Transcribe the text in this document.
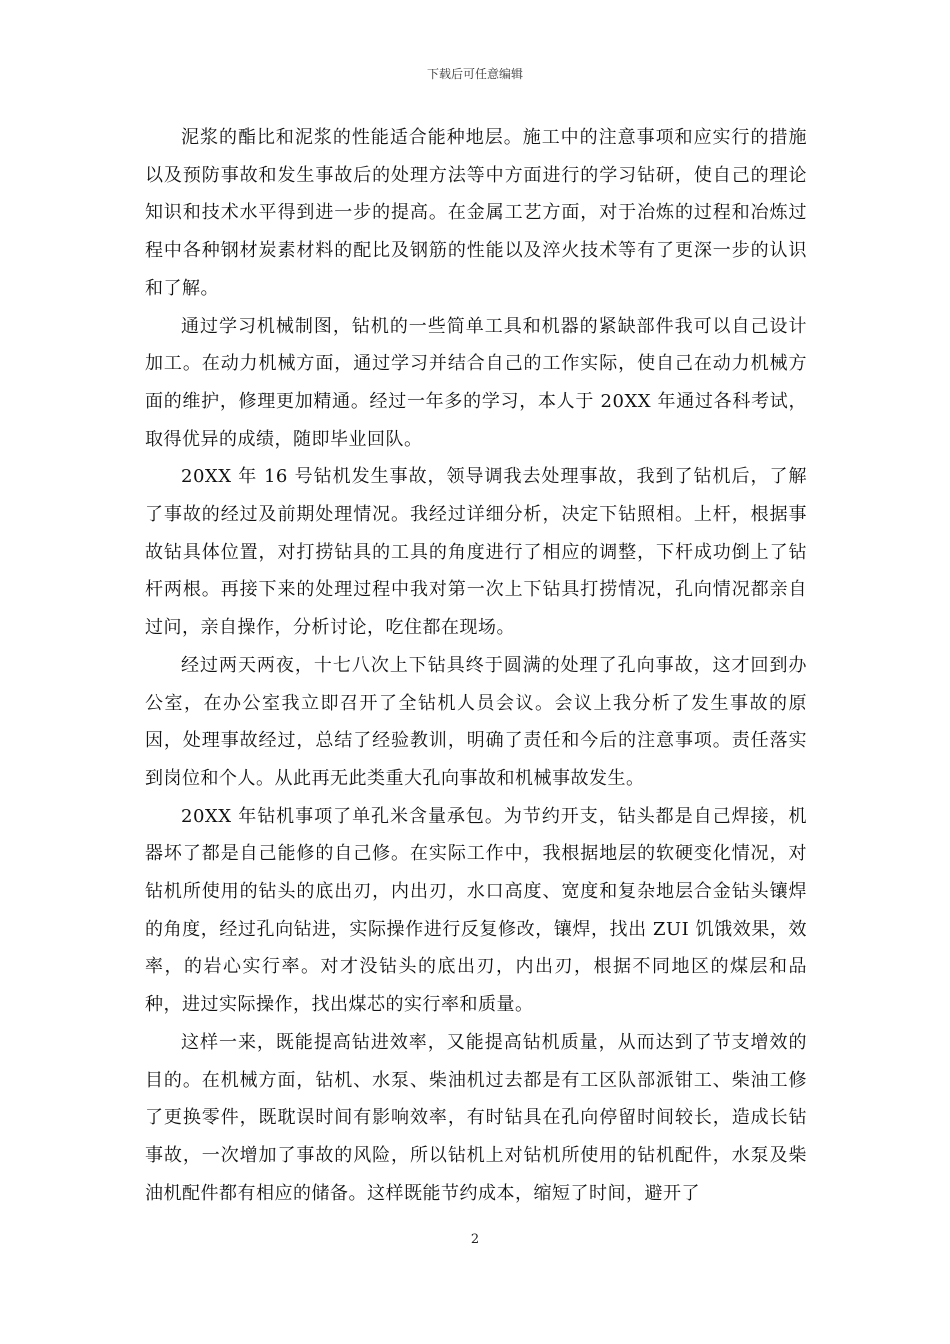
下载后可任意编辑

泥浆的酯比和泥浆的性能适合能种地层。施工中的注意事项和应实行的措施以及预防事故和发生事故后的处理方法等中方面进行的学习钻研，使自己的理论知识和技术水平得到进一步的提高。在金属工艺方面，对于冶炼的过程和冶炼过程中各种钢材炭素材料的配比及钢筋的性能以及淬火技术等有了更深一步的认识和了解。

通过学习机械制图，钻机的一些简单工具和机器的紧缺部件我可以自己设计加工。在动力机械方面，通过学习并结合自己的工作实际，使自己在动力机械方面的维护，修理更加精通。经过一年多的学习，本人于 20XX 年通过各科考试，取得优异的成绩，随即毕业回队。

20XX 年 16 号钻机发生事故，领导调我去处理事故，我到了钻机后，了解了事故的经过及前期处理情况。我经过详细分析，决定下钻照相。上杆，根据事故钻具体位置，对打捞钻具的工具的角度进行了相应的调整，下杆成功倒上了钻杆两根。再接下来的处理过程中我对第一次上下钻具打捞情况，孔向情况都亲自过问，亲自操作，分析讨论，吃住都在现场。

经过两天两夜，十七八次上下钻具终于圆满的处理了孔向事故，这才回到办公室，在办公室我立即召开了全钻机人员会议。会议上我分析了发生事故的原因，处理事故经过，总结了经验教训，明确了责任和今后的注意事项。责任落实到岗位和个人。从此再无此类重大孔向事故和机械事故发生。

20XX 年钻机事项了单孔米含量承包。为节约开支，钻头都是自己焊接，机器坏了都是自己能修的自己修。在实际工作中，我根据地层的软硬变化情况，对钻机所使用的钻头的底出刃，内出刃，水口高度、宽度和复杂地层合金钻头镶焊的角度，经过孔向钻进，实际操作进行反复修改，镶焊，找出 ZUI 饥饿效果，效率，的岩心实行率。对才没钻头的底出刃，内出刃，根据不同地区的煤层和品种，进过实际操作，找出煤芯的实行率和质量。

这样一来，既能提高钻进效率，又能提高钻机质量，从而达到了节支增效的目的。在机械方面，钻机、水泵、柴油机过去都是有工区队部派钳工、柴油工修了更换零件，既耽误时间有影响效率，有时钻具在孔向停留时间较长，造成长钻事故，一次增加了事故的风险，所以钻机上对钻机所使用的钻机配件，水泵及柴油机配件都有相应的储备。这样既能节约成本，缩短了时间，避开了

2
